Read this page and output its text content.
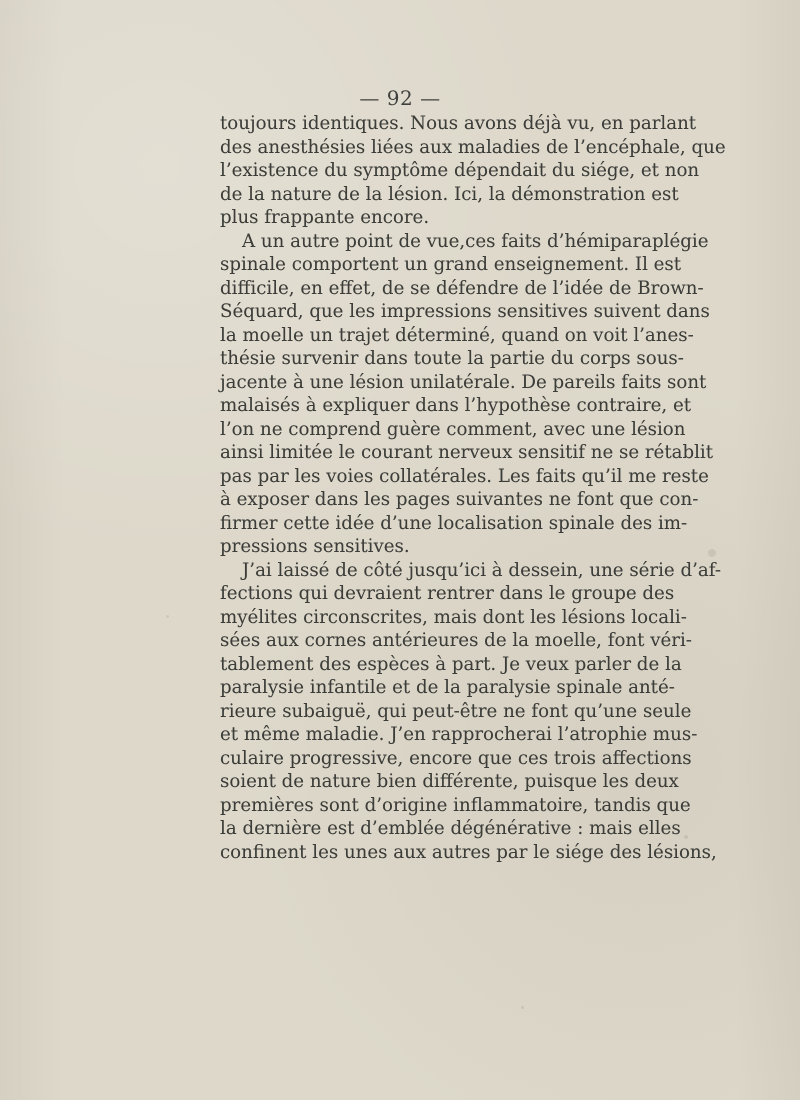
— 92 —
toujours identiques. Nous avons déjà vu, en parlant
des anesthésies liées aux maladies de l’encéphale, que
l’existence du symptôme dépendait du siége, et non
de la nature de la lésion. Ici, la démonstration est
plus frappante encore.
A un autre point de vue,ces faits d’hémiparaplégie
spinale comportent un grand enseignement. Il est
difficile, en effet, de se défendre de l’idée de Brown-
Séquard, que les impressions sensitives suivent dans
la moelle un trajet déterminé, quand on voit l’anes-
thésie survenir dans toute la partie du corps sous-
jacente à une lésion unilatérale. De pareils faits sont
malaisés à expliquer dans l’hypothèse contraire, et
l’on ne comprend guère comment, avec une lésion
ainsi limitée le courant nerveux sensitif ne se rétablit
pas par les voies collatérales. Les faits qu’il me reste
à exposer dans les pages suivantes ne font que con-
firmer cette idée d’une localisation spinale des im-
pressions sensitives.
J’ai laissé de côté jusqu’ici à dessein, une série d’af-
fections qui devraient rentrer dans le groupe des
myélites circonscrites, mais dont les lésions locali-
sées aux cornes antérieures de la moelle, font véri-
tablement des espèces à part. Je veux parler de la
paralysie infantile et de la paralysie spinale anté-
rieure subaiguë, qui peut-être ne font qu’une seule
et même maladie. J’en rapprocherai l’atrophie mus-
culaire progressive, encore que ces trois affections
soient de nature bien différente, puisque les deux
premières sont d’origine inflammatoire, tandis que
la dernière est d’emblée dégénérative : mais elles
confinent les unes aux autres par le siége des lésions,
